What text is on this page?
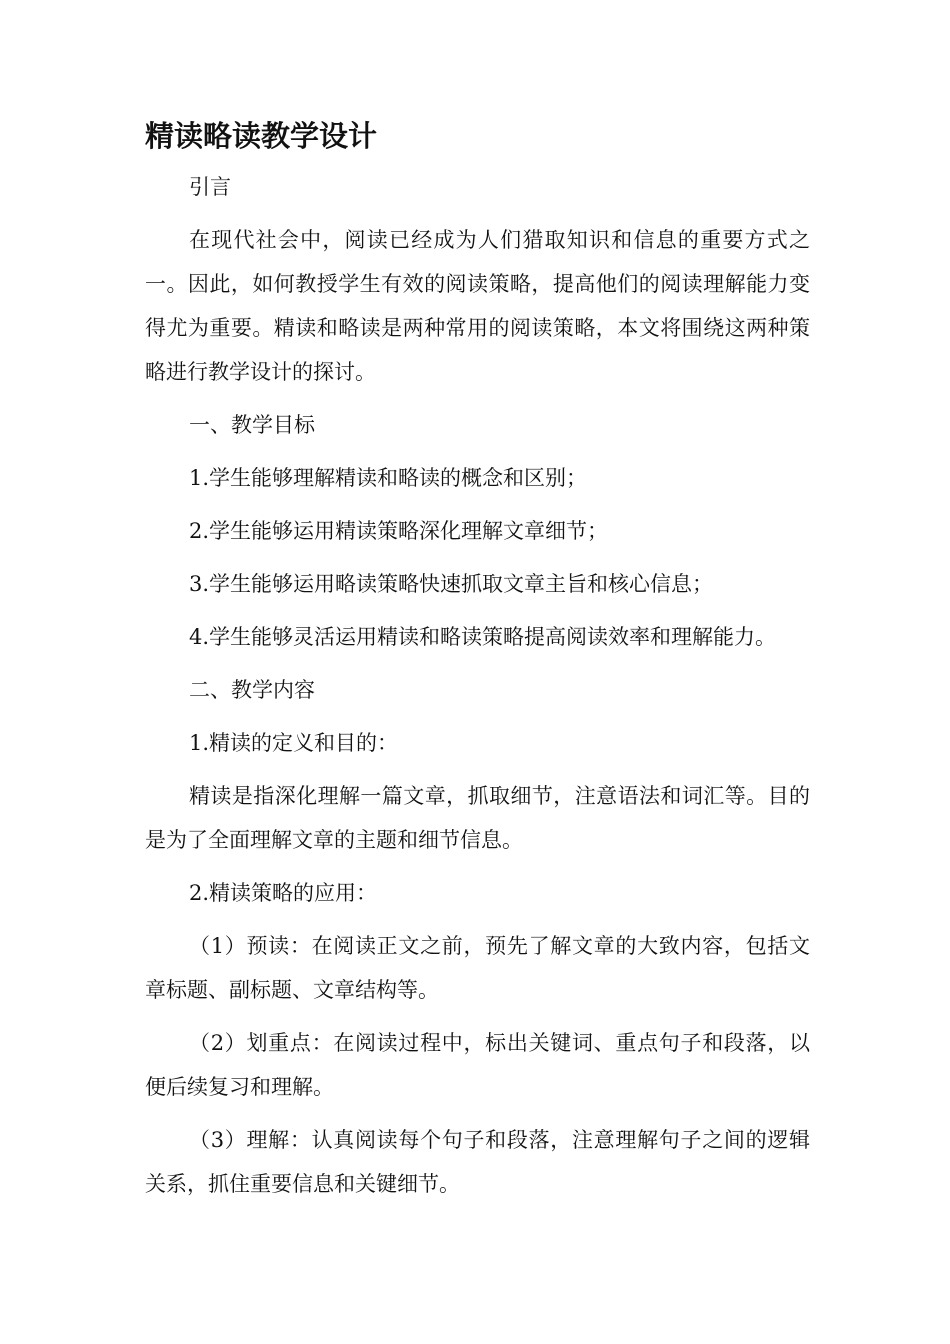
精读略读教学设计

引言

在现代社会中，阅读已经成为人们猎取知识和信息的重要方式之一。因此，如何教授学生有效的阅读策略，提高他们的阅读理解能力变得尤为重要。精读和略读是两种常用的阅读策略，本文将围绕这两种策略进行教学设计的探讨。

一、教学目标

1.学生能够理解精读和略读的概念和区别；

2.学生能够运用精读策略深化理解文章细节；

3.学生能够运用略读策略快速抓取文章主旨和核心信息；

4.学生能够灵活运用精读和略读策略提高阅读效率和理解能力。

二、教学内容

1.精读的定义和目的：

精读是指深化理解一篇文章，抓取细节，注意语法和词汇等。目的是为了全面理解文章的主题和细节信息。

2.精读策略的应用：

（1）预读：在阅读正文之前，预先了解文章的大致内容，包括文章标题、副标题、文章结构等。

（2）划重点：在阅读过程中，标出关键词、重点句子和段落，以便后续复习和理解。

（3）理解：认真阅读每个句子和段落，注意理解句子之间的逻辑关系，抓住重要信息和关键细节。
